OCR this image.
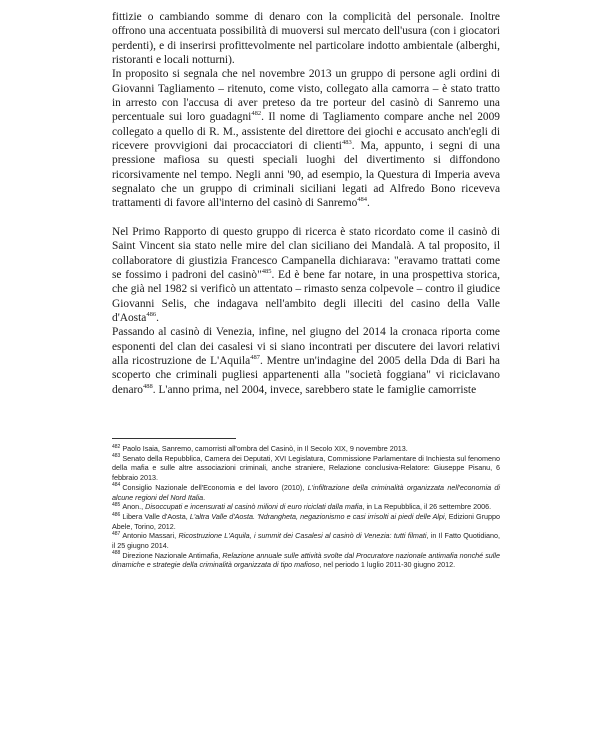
fittizie o cambiando somme di denaro con la complicità del personale. Inoltre offrono una accentuata possibilità di muoversi sul mercato dell'usura (con i giocatori perdenti), e di inserirsi profittevolmente nel particolare indotto ambientale (alberghi, ristoranti e locali notturni).

In proposito si segnala che nel novembre 2013 un gruppo di persone agli ordini di Giovanni Tagliamento – ritenuto, come visto, collegato alla camorra – è stato tratto in arresto con l'accusa di aver preteso da tre porteur del casinò di Sanremo una percentuale sui loro guadagni$^{482}$. Il nome di Tagliamento compare anche nel 2009 collegato a quello di R. M., assistente del direttore dei giochi e accusato anch'egli di ricevere provvigioni dai procacciatori di clienti$^{483}$. Ma, appunto, i segni di una pressione mafiosa su questi speciali luoghi del divertimento si diffondono ricorsivamente nel tempo. Negli anni '90, ad esempio, la Questura di Imperia aveva segnalato che un gruppo di criminali siciliani legati ad Alfredo Bono riceveva trattamenti di favore all'interno del casinò di Sanremo$^{484}$.

Nel Primo Rapporto di questo gruppo di ricerca è stato ricordato come il casinò di Saint Vincent sia stato nelle mire del clan siciliano dei Mandalà. A tal proposito, il collaboratore di giustizia Francesco Campanella dichiarava: "eravamo trattati come se fossimo i padroni del casinò"$^{485}$. Ed è bene far notare, in una prospettiva storica, che già nel 1982 si verificò un attentato – rimasto senza colpevole – contro il giudice Giovanni Selis, che indagava nell'ambito degli illeciti del casino della Valle d'Aosta$^{486}$.

Passando al casinò di Venezia, infine, nel giugno del 2014 la cronaca riporta come esponenti del clan dei casalesi vi si siano incontrati per discutere dei lavori relativi alla ricostruzione de L'Aquila$^{487}$. Mentre un'indagine del 2005 della Dda di Bari ha scoperto che criminali pugliesi appartenenti alla "società foggiana" vi riciclavano denaro$^{488}$. L'anno prima, nel 2004, invece, sarebbero state le famiglie camorriste

$^{482}$ Paolo Isaia, Sanremo, camorristi all'ombra del Casinò, in Il Secolo XIX, 9 novembre 2013.

$^{483}$ Senato della Repubblica, Camera dei Deputati, XVI Legislatura, Commissione Parlamentare di Inchiesta sul fenomeno della mafia e sulle altre associazioni criminali, anche straniere, Relazione conclusiva-Relatore: Giuseppe Pisanu, 6 febbraio 2013.

$^{484}$ Consiglio Nazionale dell'Economia e del lavoro (2010), L'infiltrazione della criminalità organizzata nell'economia di alcune regioni del Nord Italia.

$^{485}$ Anon., Disoccupati e incensurati al casinò milioni di euro riciclati dalla mafia, in La Repubblica, il 26 settembre 2006.

$^{486}$ Libera Valle d'Aosta, L'altra Valle d'Aosta. 'Ndrangheta, negazionismo e casi irrisolti ai piedi delle Alpi, Edizioni Gruppo Abele, Torino, 2012.

$^{487}$ Antonio Massari, Ricostruzione L'Aquila, i summit dei Casalesi al casinò di Venezia: tutti filmati, in Il Fatto Quotidiano, il 25 giugno 2014.

$^{488}$ Direzione Nazionale Antimafia, Relazione annuale sulle attività svolte dal Procuratore nazionale antimafia nonché sulle dinamiche e strategie della criminalità organizzata di tipo mafioso, nel periodo 1 luglio 2011-30 giugno 2012.
